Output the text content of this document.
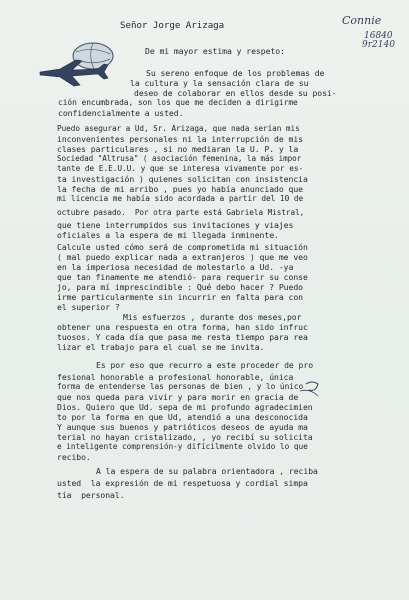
Connie
16840
9r2140
Señor Jorge Arizaga
De mi mayor estima y respeto:
Su sereno enfoque de los problemas de
la cultura y la sensación clara de su
deseo de colaborar en ellos desde su posi-
ción encumbrada, son los que me deciden a dirigirme
confidencialmente a usted.
Puedo asegurar a Ud, Sr. Arizaga, que nada serían mis
inconvenientes personales ni la interrupción de mis
clases particulares , si no mediaran la U. P. y la
Sociedad "Altrusa" ( asociación femenina, la más impor
tante de E.E.U.U. y que se interesa vivamente por es-
ta investigación ) quienes solicitan con insistencia
la fecha de mi arribo , pues yo había anunciado que
mi licencia me había sido acordada a partir del 10 de
octubre pasado.  Por otra parte está Gabriela Mistral,
que tiene interrumpidos sus invitaciones y viajes
oficiales a la espera de mi llegada inminente.
Calcule usted cómo será de comprometida mi situación
( mal puedo explicar nada a extranjeros ) que me veo
en la imperiosa necesidad de molestarlo a Ud. -ya
que tan finamente me atendió- para requerir su conse
jo, para mí imprescindible : Qué debo hacer ? Puedo
irme particularmente sin incurrir en falta para con
el superior ?
Mis esfuerzos , durante dos meses,por
obtener una respuesta en otra forma, han sido infruc
tuosos. Y cada día que pasa me resta tiempo para rea
lizar el trabajo para el cual se me invita.
Es por eso que recurro a este proceder de pro
fesional honorable a profesional honorable, única
forma de entenderse las personas de bien , y lo único
que nos queda para vivir y para morir en gracia de
Dios. Quiero que Ud. sepa de mi profundo agradecimien
to por la forma en que Ud, atendió a una desconocida
Y aunque sus buenos y patrióticos deseos de ayuda ma
terial no hayan cristalizado, , yo recibí su solicita
e inteligente comprensión-y difícilmente olvido lo que
recibo.
A la espera de su palabra orientadora , reciba
usted  la expresión de mi respetuosa y cordial simpa
tía  personal.
